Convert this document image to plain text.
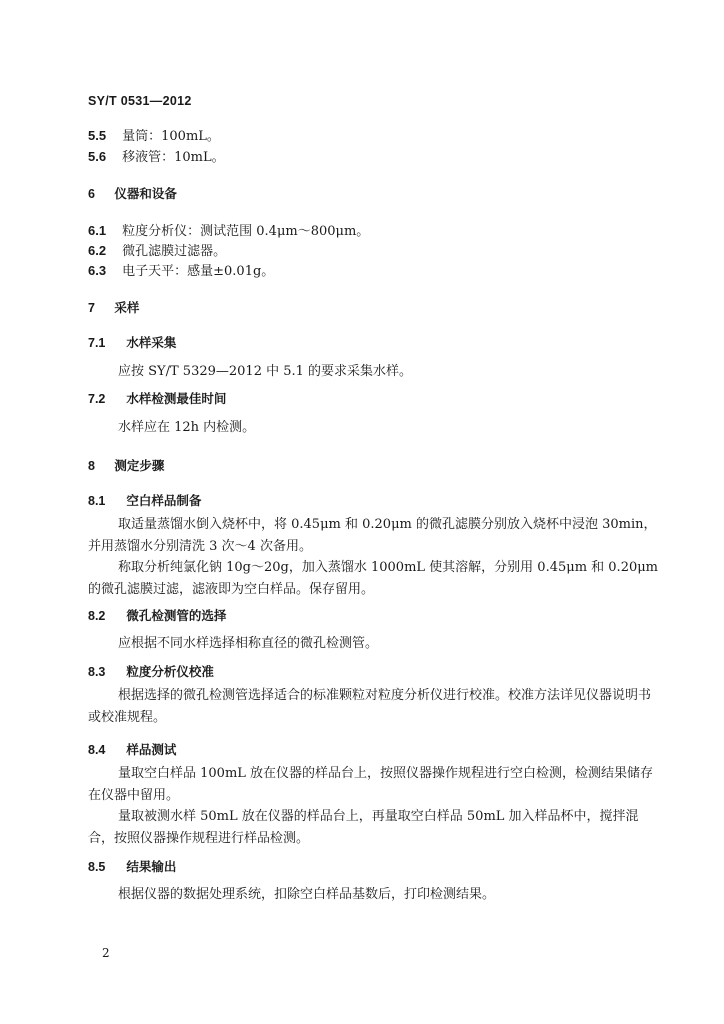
SY/T 0531—2012
5.5 量筒：100mL。
5.6 移液管：10mL。
6 仪器和设备
6.1 粒度分析仪：测试范围 0.4μm～800μm。
6.2 微孔滤膜过滤器。
6.3 电子天平：感量±0.01g。
7 采样
7.1 水样采集
应按 SY/T 5329—2012 中 5.1 的要求采集水样。
7.2 水样检测最佳时间
水样应在 12h 内检测。
8 测定步骤
8.1 空白样品制备
取适量蒸馏水倒入烧杯中，将 0.45μm 和 0.20μm 的微孔滤膜分别放入烧杯中浸泡 30min，并用蒸馏水分别清洗 3 次～4 次备用。
称取分析纯氯化钠 10g～20g，加入蒸馏水 1000mL 使其溶解，分别用 0.45μm 和 0.20μm 的微孔滤膜过滤，滤液即为空白样品。保存留用。
8.2 微孔检测管的选择
应根据不同水样选择相称直径的微孔检测管。
8.3 粒度分析仪校准
根据选择的微孔检测管选择适合的标准颗粒对粒度分析仪进行校准。校准方法详见仪器说明书或校准规程。
8.4 样品测试
量取空白样品 100mL 放在仪器的样品台上，按照仪器操作规程进行空白检测，检测结果储存在仪器中留用。
量取被测水样 50mL 放在仪器的样品台上，再量取空白样品 50mL 加入样品杯中，搅拌混合，按照仪器操作规程进行样品检测。
8.5 结果输出
根据仪器的数据处理系统，扣除空白样品基数后，打印检测结果。
2
